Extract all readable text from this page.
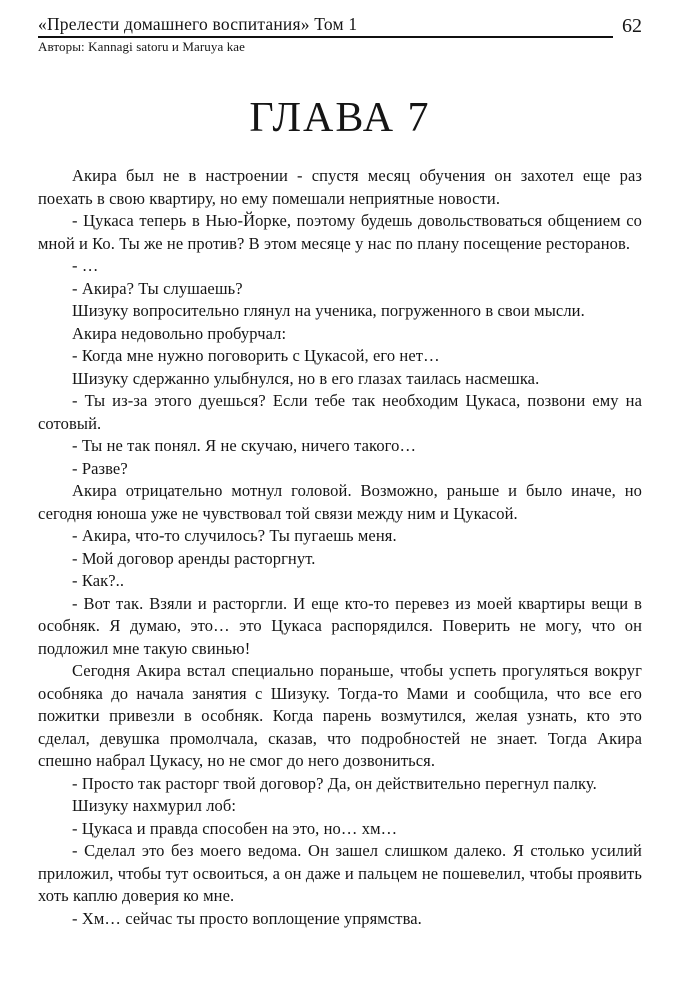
«Прелести домашнего воспитания» Том 1	62
Авторы: Kannagi satoru и Maruya kae
ГЛАВА 7

Акира был не в настроении - спустя месяц обучения он захотел еще раз поехать в свою квартиру, но ему помешали неприятные новости.

- Цукаса теперь в Нью-Йорке, поэтому будешь довольствоваться общением со мной и Ко. Ты же не против? В этом месяце у нас по плану посещение ресторанов.

- …

- Акира? Ты слушаешь?

Шизуку вопросительно глянул на ученика, погруженного в свои мысли.

Акира недовольно пробурчал:

- Когда мне нужно поговорить с Цукасой, его нет…

Шизуку сдержанно улыбнулся, но в его глазах таилась насмешка.

- Ты из-за этого дуешься? Если тебе так необходим Цукаса, позвони ему на сотовый.

- Ты не так понял. Я не скучаю, ничего такого…

- Разве?

Акира отрицательно мотнул головой. Возможно, раньше и было иначе, но сегодня юноша уже не чувствовал той связи между ним и Цукасой.

- Акира, что-то случилось? Ты пугаешь меня.

- Мой договор аренды расторгнут.

- Как?..

- Вот так. Взяли и расторгли. И еще кто-то перевез из моей квартиры вещи в особняк. Я думаю, это… это Цукаса распорядился. Поверить не могу, что он подложил мне такую свинью!

Сегодня Акира встал специально пораньше, чтобы успеть прогуляться вокруг особняка до начала занятия с Шизуку. Тогда-то Мами и сообщила, что все его пожитки привезли в особняк. Когда парень возмутился, желая узнать, кто это сделал, девушка промолчала, сказав, что подробностей не знает. Тогда Акира спешно набрал Цукасу, но не смог до него дозвониться.

- Просто так расторг твой договор? Да, он действительно перегнул палку.

Шизуку нахмурил лоб:

- Цукаса и правда способен на это, но… хм…

- Сделал это без моего ведома. Он зашел слишком далеко. Я столько усилий приложил, чтобы тут освоиться, а он даже и пальцем не пошевелил, чтобы проявить хоть каплю доверия ко мне.

- Хм… сейчас ты просто воплощение упрямства.
